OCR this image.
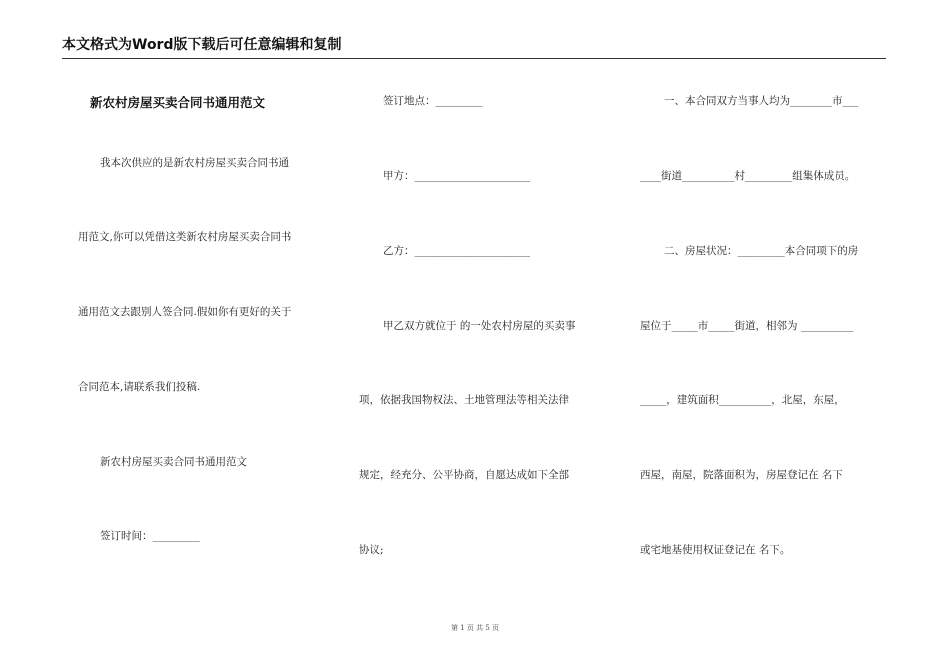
本文格式为Word版下载后可任意编辑和复制
新农村房屋买卖合同书通用范文
我本次供应的是新农村房屋买卖合同书通
用范文,你可以凭借这类新农村房屋买卖合同书
通用范文去跟别人签合同.假如你有更好的关于
合同范本,请联系我们投稿.
新农村房屋买卖合同书通用范文
签订时间：_________
签订地点：_________
甲方：______________________
乙方：______________________
甲乙双方就位于 的一处农村房屋的买卖事
项，依据我国物权法、土地管理法等相关法律
规定，经充分、公平协商，自愿达成如下全部
协议;
一、本合同双方当事人均为________市___
____街道__________村_________组集体成员。
二、房屋状况：_________本合同项下的房
屋位于_____市_____街道，相邻为 __________
_____，建筑面积__________，北屋，东屋，
西屋，南屋，院落面积为，房屋登记在 名下
或宅地基使用权证登记在 名下。
第 1 页 共 5 页
